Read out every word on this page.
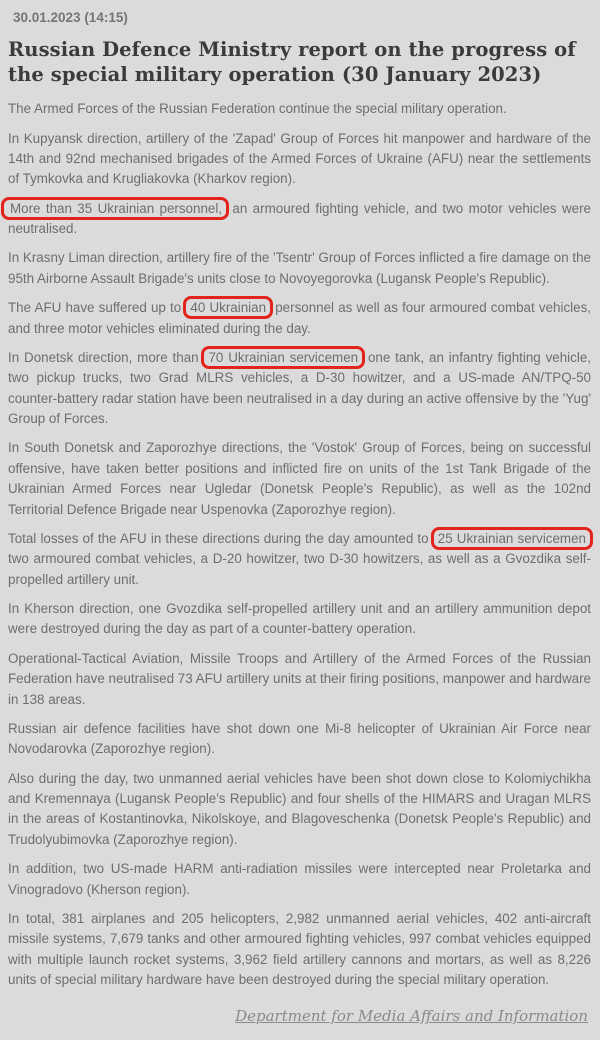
30.01.2023 (14:15)
Russian Defence Ministry report on the progress of the special military operation (30 January 2023)

The Armed Forces of the Russian Federation continue the special military operation.

In Kupyansk direction, artillery of the 'Zapad' Group of Forces hit manpower and hardware of the 14th and 92nd mechanised brigades of the Armed Forces of Ukraine (AFU) near the settlements of Tymkovka and Krugliakovka (Kharkov region).

More than 35 Ukrainian personnel, an armoured fighting vehicle, and two motor vehicles were neutralised.

In Krasny Liman direction, artillery fire of the 'Tsentr' Group of Forces inflicted a fire damage on the 95th Airborne Assault Brigade's units close to Novoyegorovka (Lugansk People's Republic).

The AFU have suffered up to 40 Ukrainian personnel as well as four armoured combat vehicles, and three motor vehicles eliminated during the day.

In Donetsk direction, more than 70 Ukrainian servicemen one tank, an infantry fighting vehicle, two pickup trucks, two Grad MLRS vehicles, a D-30 howitzer, and a US-made AN/TPQ-50 counter-battery radar station have been neutralised in a day during an active offensive by the 'Yug' Group of Forces.

In South Donetsk and Zaporozhye directions, the 'Vostok' Group of Forces, being on successful offensive, have taken better positions and inflicted fire on units of the 1st Tank Brigade of the Ukrainian Armed Forces near Ugledar (Donetsk People's Republic), as well as the 102nd Territorial Defence Brigade near Uspenovka (Zaporozhye region).

Total losses of the AFU in these directions during the day amounted to 25 Ukrainian servicemen two armoured combat vehicles, a D-20 howitzer, two D-30 howitzers, as well as a Gvozdika self-propelled artillery unit.

In Kherson direction, one Gvozdika self-propelled artillery unit and an artillery ammunition depot were destroyed during the day as part of a counter-battery operation.

Operational-Tactical Aviation, Missile Troops and Artillery of the Armed Forces of the Russian Federation have neutralised 73 AFU artillery units at their firing positions, manpower and hardware in 138 areas.

Russian air defence facilities have shot down one Mi-8 helicopter of Ukrainian Air Force near Novodarovka (Zaporozhye region).

Also during the day, two unmanned aerial vehicles have been shot down close to Kolomiychikha and Kremennaya (Lugansk People's Republic) and four shells of the HIMARS and Uragan MLRS in the areas of Kostantinovka, Nikolskoye, and Blagoveschenka (Donetsk People's Republic) and Trudolyubimovka (Zaporozhye region).

In addition, two US-made HARM anti-radiation missiles were intercepted near Proletarka and Vinogradovo (Kherson region).

In total, 381 airplanes and 205 helicopters, 2,982 unmanned aerial vehicles, 402 anti-aircraft missile systems, 7,679 tanks and other armoured fighting vehicles, 997 combat vehicles equipped with multiple launch rocket systems, 3,962 field artillery cannons and mortars, as well as 8,226 units of special military hardware have been destroyed during the special military operation.

Department for Media Affairs and Information
